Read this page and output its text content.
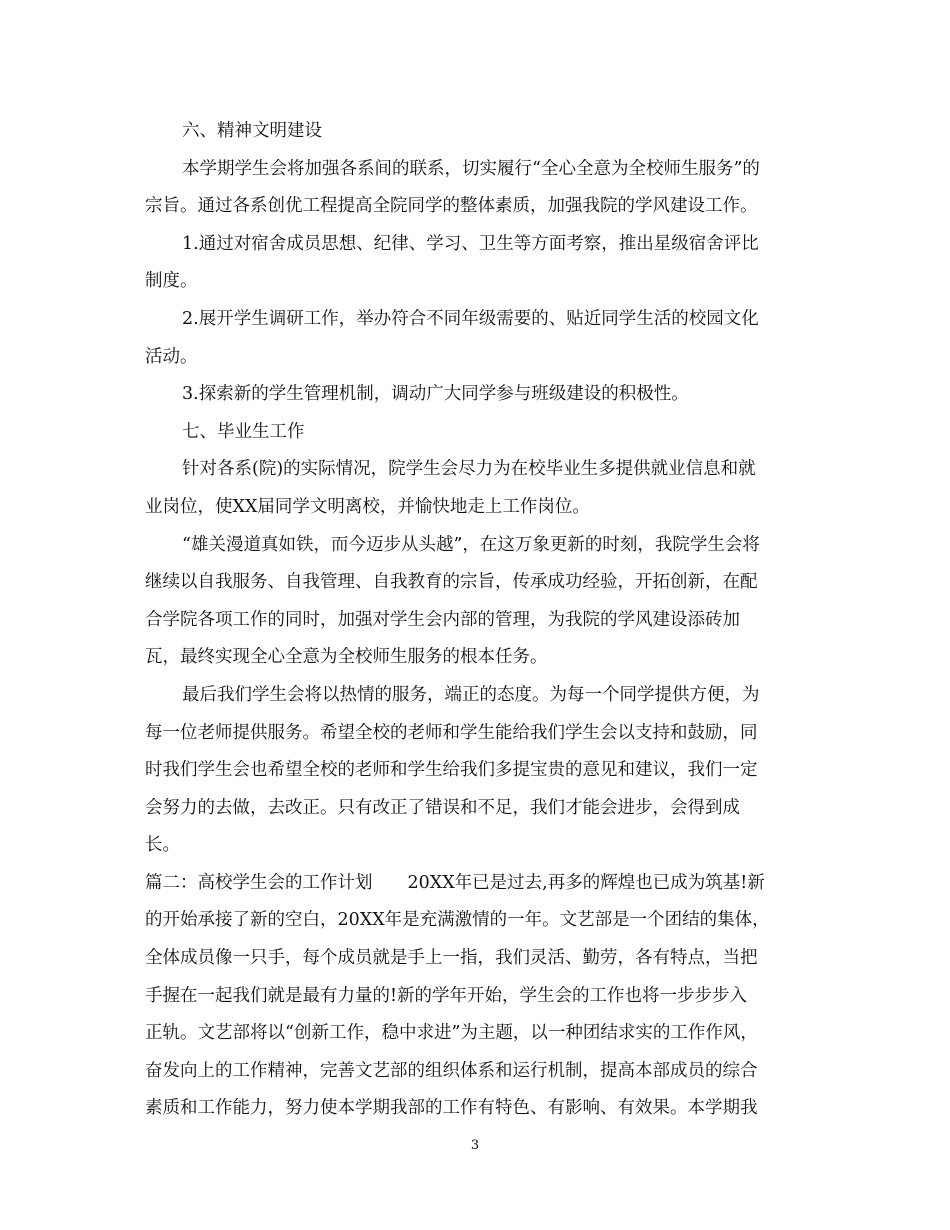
六、精神文明建设
本学期学生会将加强各系间的联系，切实履行“全心全意为全校师生服务”的
宗旨。通过各系创优工程提高全院同学的整体素质，加强我院的学风建设工作。
1.通过对宿舍成员思想、纪律、学习、卫生等方面考察，推出星级宿舍评比
制度。
2.展开学生调研工作，举办符合不同年级需要的、贴近同学生活的校园文化
活动。
3.探索新的学生管理机制，调动广大同学参与班级建设的积极性。
七、毕业生工作
针对各系(院)的实际情况，院学生会尽力为在校毕业生多提供就业信息和就
业岗位，使XX届同学文明离校，并愉快地走上工作岗位。
“雄关漫道真如铁，而今迈步从头越”，在这万象更新的时刻，我院学生会将
继续以自我服务、自我管理、自我教育的宗旨，传承成功经验，开拓创新，在配
合学院各项工作的同时，加强对学生会内部的管理，为我院的学风建设添砖加
瓦，最终实现全心全意为全校师生服务的根本任务。
最后我们学生会将以热情的服务，端正的态度。为每一个同学提供方便，为
每一位老师提供服务。希望全校的老师和学生能给我们学生会以支持和鼓励，同
时我们学生会也希望全校的老师和学生给我们多提宝贵的意见和建议，我们一定
会努力的去做，去改正。只有改正了错误和不足，我们才能会进步，会得到成
长。
篇二：高校学生会的工作计划　　20XX年已是过去,再多的辉煌也已成为筑基!新
的开始承接了新的空白，20XX年是充满激情的一年。文艺部是一个团结的集体，
全体成员像一只手，每个成员就是手上一指，我们灵活、勤劳，各有特点，当把
手握在一起我们就是最有力量的!新的学年开始，学生会的工作也将一步步步入
正轨。文艺部将以“创新工作，稳中求进”为主题，以一种团结求实的工作作风，
奋发向上的工作精神，完善文艺部的组织体系和运行机制，提高本部成员的综合
素质和工作能力，努力使本学期我部的工作有特色、有影响、有效果。本学期我
3
